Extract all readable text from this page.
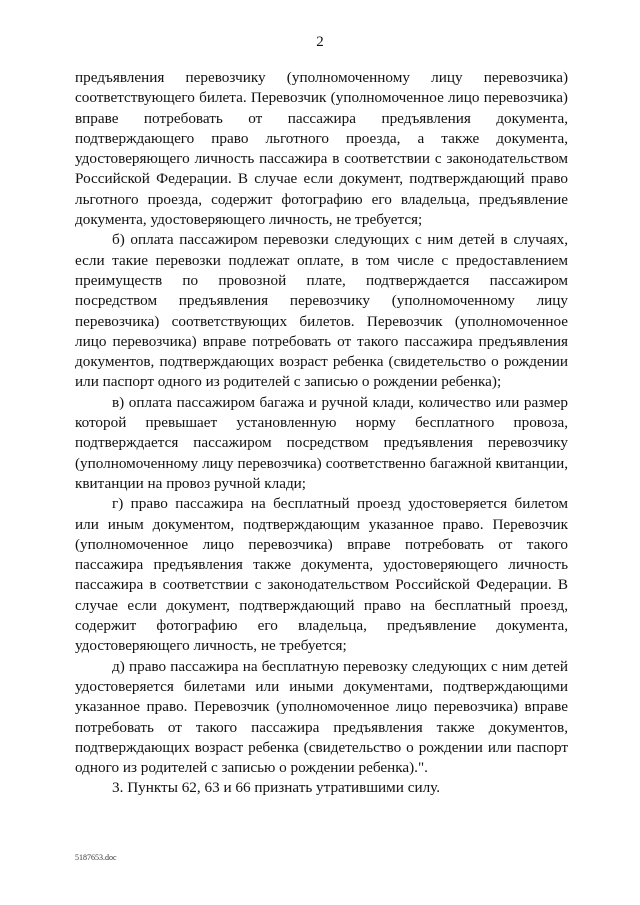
2

предъявления перевозчику (уполномоченному лицу перевозчика) соответствующего билета. Перевозчик (уполномоченное лицо перевозчика) вправе потребовать от пассажира предъявления документа, подтверждающего право льготного проезда, а также документа, удостоверяющего личность пассажира в соответствии с законодательством Российской Федерации. В случае если документ, подтверждающий право льготного проезда, содержит фотографию его владельца, предъявление документа, удостоверяющего личность, не требуется;

б) оплата пассажиром перевозки следующих с ним детей в случаях, если такие перевозки подлежат оплате, в том числе с предоставлением преимуществ по провозной плате, подтверждается пассажиром посредством предъявления перевозчику (уполномоченному лицу перевозчика) соответствующих билетов. Перевозчик (уполномоченное лицо перевозчика) вправе потребовать от такого пассажира предъявления документов, подтверждающих возраст ребенка (свидетельство о рождении или паспорт одного из родителей с записью о рождении ребенка);

в) оплата пассажиром багажа и ручной клади, количество или размер которой превышает установленную норму бесплатного провоза, подтверждается пассажиром посредством предъявления перевозчику (уполномоченному лицу перевозчика) соответственно багажной квитанции, квитанции на провоз ручной клади;

г) право пассажира на бесплатный проезд удостоверяется билетом или иным документом, подтверждающим указанное право. Перевозчик (уполномоченное лицо перевозчика) вправе потребовать от такого пассажира предъявления также документа, удостоверяющего личность пассажира в соответствии с законодательством Российской Федерации. В случае если документ, подтверждающий право на бесплатный проезд, содержит фотографию его владельца, предъявление документа, удостоверяющего личность, не требуется;

д) право пассажира на бесплатную перевозку следующих с ним детей удостоверяется билетами или иными документами, подтверждающими указанное право. Перевозчик (уполномоченное лицо перевозчика) вправе потребовать от такого пассажира предъявления также документов, подтверждающих возраст ребенка (свидетельство о рождении или паспорт одного из родителей с записью о рождении ребенка).".

3. Пункты 62, 63 и 66 признать утратившими силу.

5187653.doc
